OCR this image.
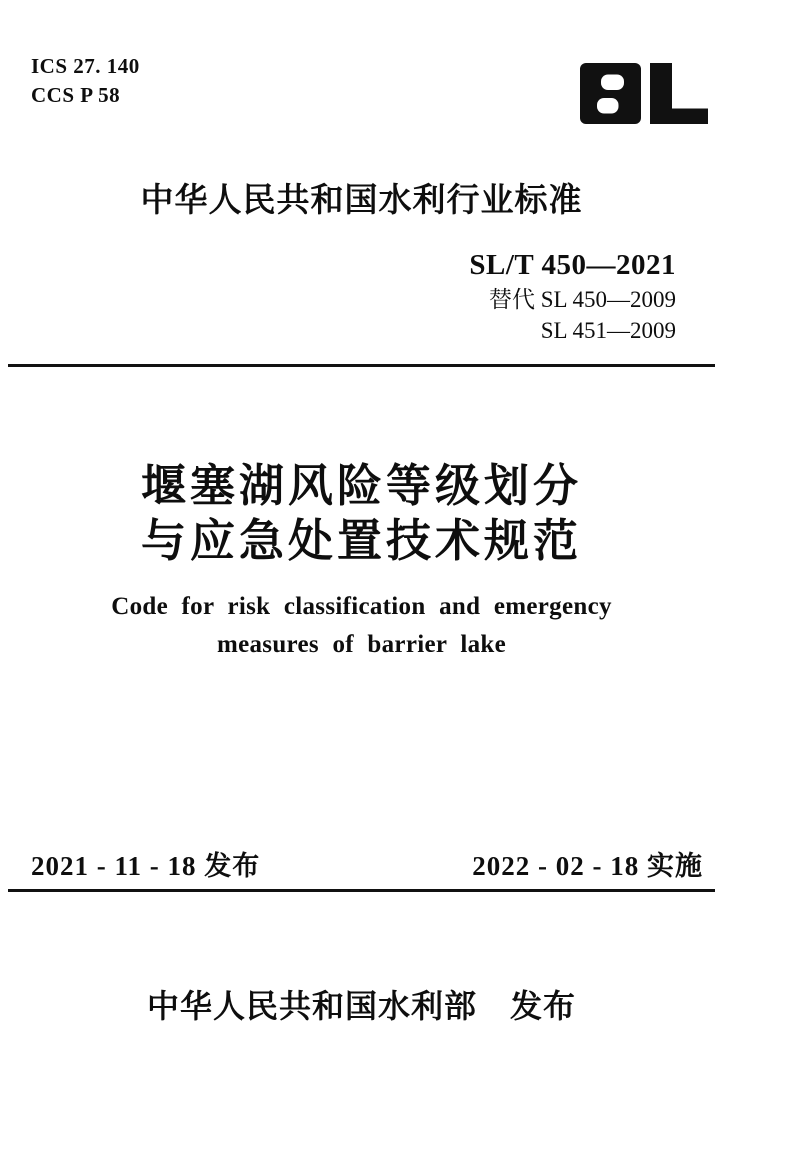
ICS 27. 140
CCS P 58
中华人民共和国水利行业标准
SL/T 450—2021
替代 SL 450—2009
SL 451—2009
堰塞湖风险等级划分
与应急处置技术规范
Code for risk classification and emergency
measures of barrier lake
2021 - 11 - 18 发布	2022 - 02 - 18 实施
中华人民共和国水利部　发布
